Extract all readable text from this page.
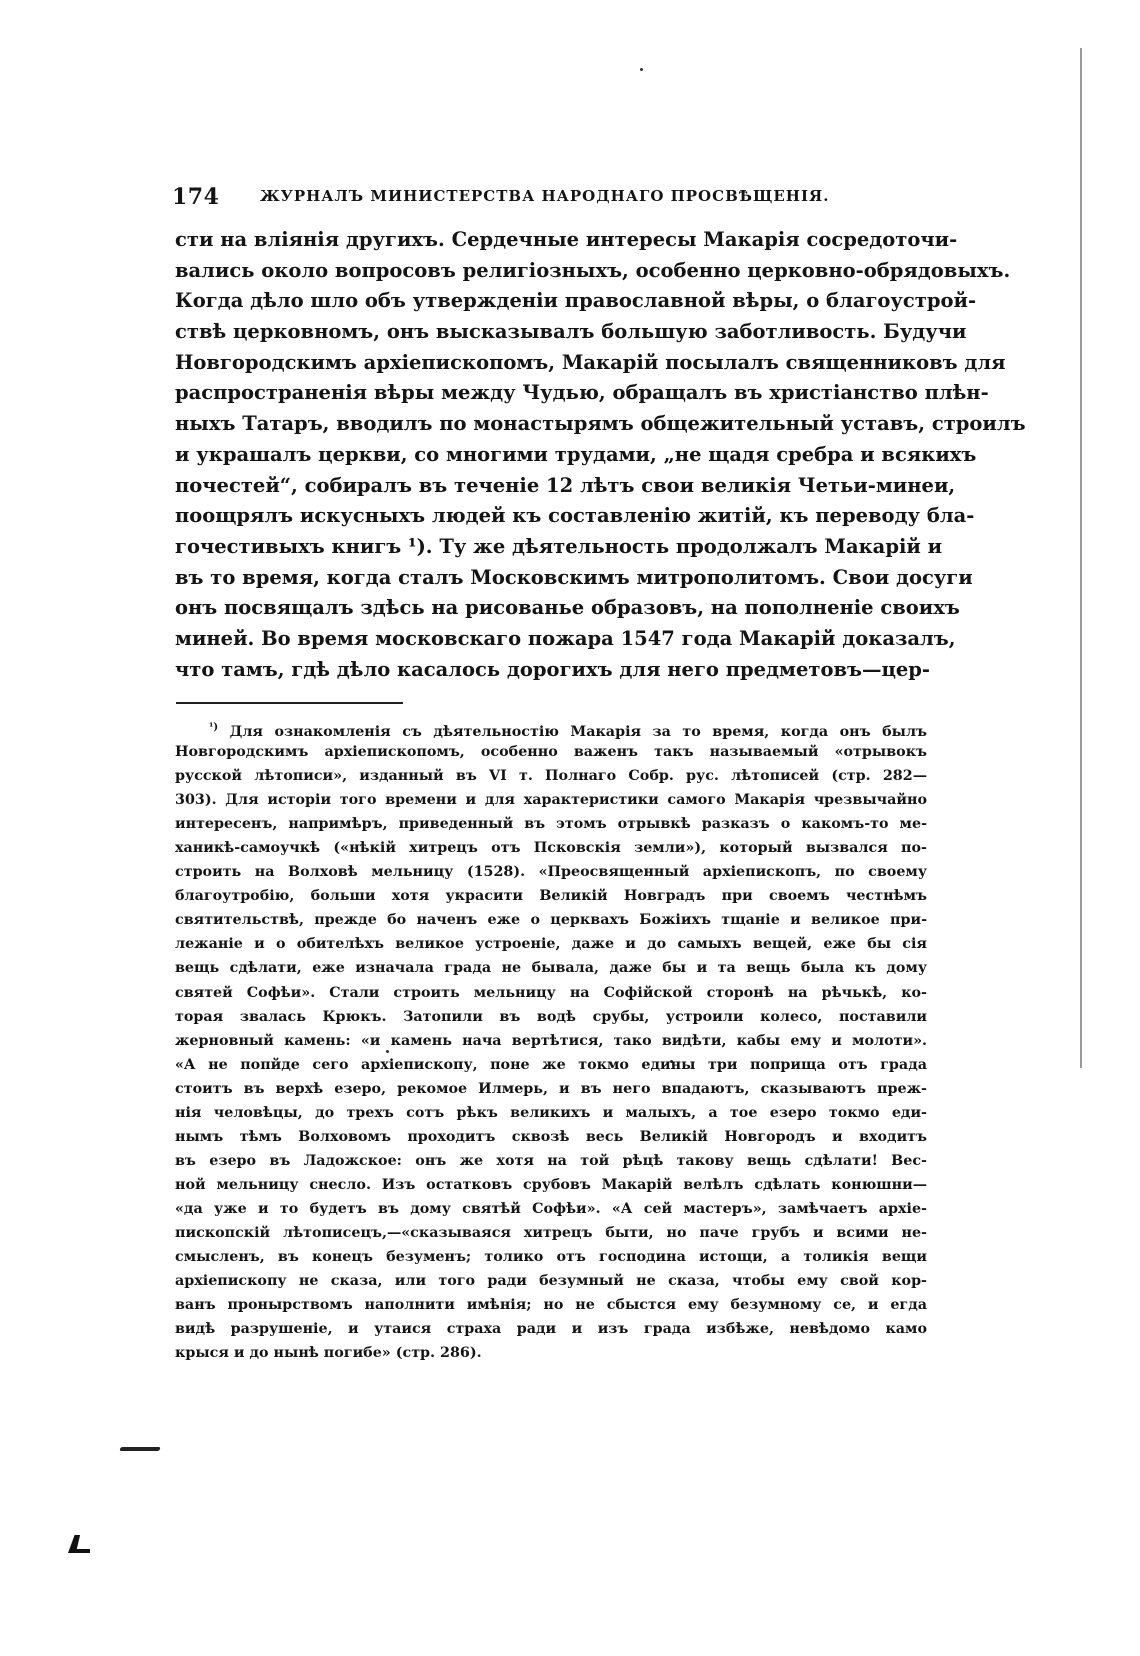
174	ЖУРНАЛЪ МИНИСТЕРСТВА НАРОДНАГО ПРОСВѢЩЕНІЯ.
сти на вліянія другихъ. Сердечные интересы Макарія сосредоточи-
вались около вопросовъ религіозныхъ, особенно церковно-обрядовыхъ.
Когда дѣло шло объ утвержденіи православной вѣры, о благоустрой-
ствѣ церковномъ, онъ высказывалъ большую заботливость. Будучи
Новгородскимъ архіепископомъ, Макарій посылалъ священниковъ для
распространенія вѣры между Чудью, обращалъ въ христіанство плѣн-
ныхъ Татаръ, вводилъ по монастырямъ общежительный уставъ, строилъ
и украшалъ церкви, со многими трудами, „не щадя сребра и всякихъ
почестей“, собиралъ въ теченіе 12 лѣтъ свои великія Четьи-минеи,
поощрялъ искусныхъ людей къ составленію житій, къ переводу бла-
гочестивыхъ книгъ ¹). Ту же дѣятельность продолжалъ Макарій и
въ то время, когда сталъ Московскимъ митрополитомъ. Свои досуги
онъ посвящалъ здѣсь на рисованье образовъ, на пополненіе своихъ
миней. Во время московскаго пожара 1547 года Макарій доказалъ,
что тамъ, гдѣ дѣло касалось дорогихъ для него предметовъ—цер-
$^{^1)}$ Для ознакомленія съ дѣятельностію Макарія за то время, когда онъ былъ
Новгородскимъ архіепископомъ, особенно важенъ такъ называемый «отрывокъ
русской лѣтописи», изданный въ VI т. Полнаго Собр. рус. лѣтописей (стр. 282—
303). Для исторіи того времени и для характеристики самого Макарія чрезвычайно
интересенъ, напримѣръ, приведенный въ этомъ отрывкѣ разказъ о какомъ-то ме-
ханикѣ-самоучкѣ («нѣкій хитрецъ отъ Псковскія земли»), который вызвался по-
строить на Волховѣ мельницу (1528). «Преосвященный архіепископъ, по своему
благоутробію, больши хотя украсити Великій Новградъ при своемъ честнѣмъ
святительствѣ, прежде бо наченъ еже о церквахъ Божіихъ тщаніе и великое при-
лежаніе и о обителѣхъ великое устроеніе, даже и до самыхъ вещей, еже бы сія
вещь сдѣлати, еже изначала града не бывала, даже бы и та вещь была къ дому
святей Софѣи». Стали строить мельницу на Софійской сторонѣ на рѣчькѣ, ко-
торая звалась Крюкъ. Затопили въ водѣ срубы, устроили колесо, поставили
жерновный камень: «и камень нача вертѣтися, тако видѣти, кабы ему и молоти».
«А не попйде сего архіепископу, поне же токмо едины три поприща отъ града
стоитъ въ верхѣ езеро, рекомое Илмерь, и въ него впадаютъ, сказываютъ преж-
нія человѣцы, до трехъ сотъ рѣкъ великихъ и малыхъ, а тое езеро токмо еди-
нымъ тѣмъ Волховомъ проходитъ сквозѣ весь Великій Новгородъ и входитъ
въ езеро въ Ладожское: онъ же хотя на той рѣцѣ такову вещь сдѣлати! Вес-
ной мельницу снесло. Изъ остатковъ срубовъ Макарій велѣлъ сдѣлать конюшни—
«да уже и то будетъ въ дому святѣй Софѣи». «А сей мастеръ», замѣчаетъ архіе-
пископскій лѣтописецъ,—«сказываяся хитрецъ быти, но паче грубъ и всими не-
смысленъ, въ конецъ безуменъ; толико отъ господина истощи, а толикія вещи
архіепископу не сказа, или того ради безумный не сказа, чтобы ему свой кор-
ванъ пронырствомъ наполнити имѣнія; но не сбыстся ему безумному се, и егда
видѣ разрушеніе, и утаися страха ради и изъ града избѣже, невѣдомо камо
крыся и до нынѣ погибе» (стр. 286).
